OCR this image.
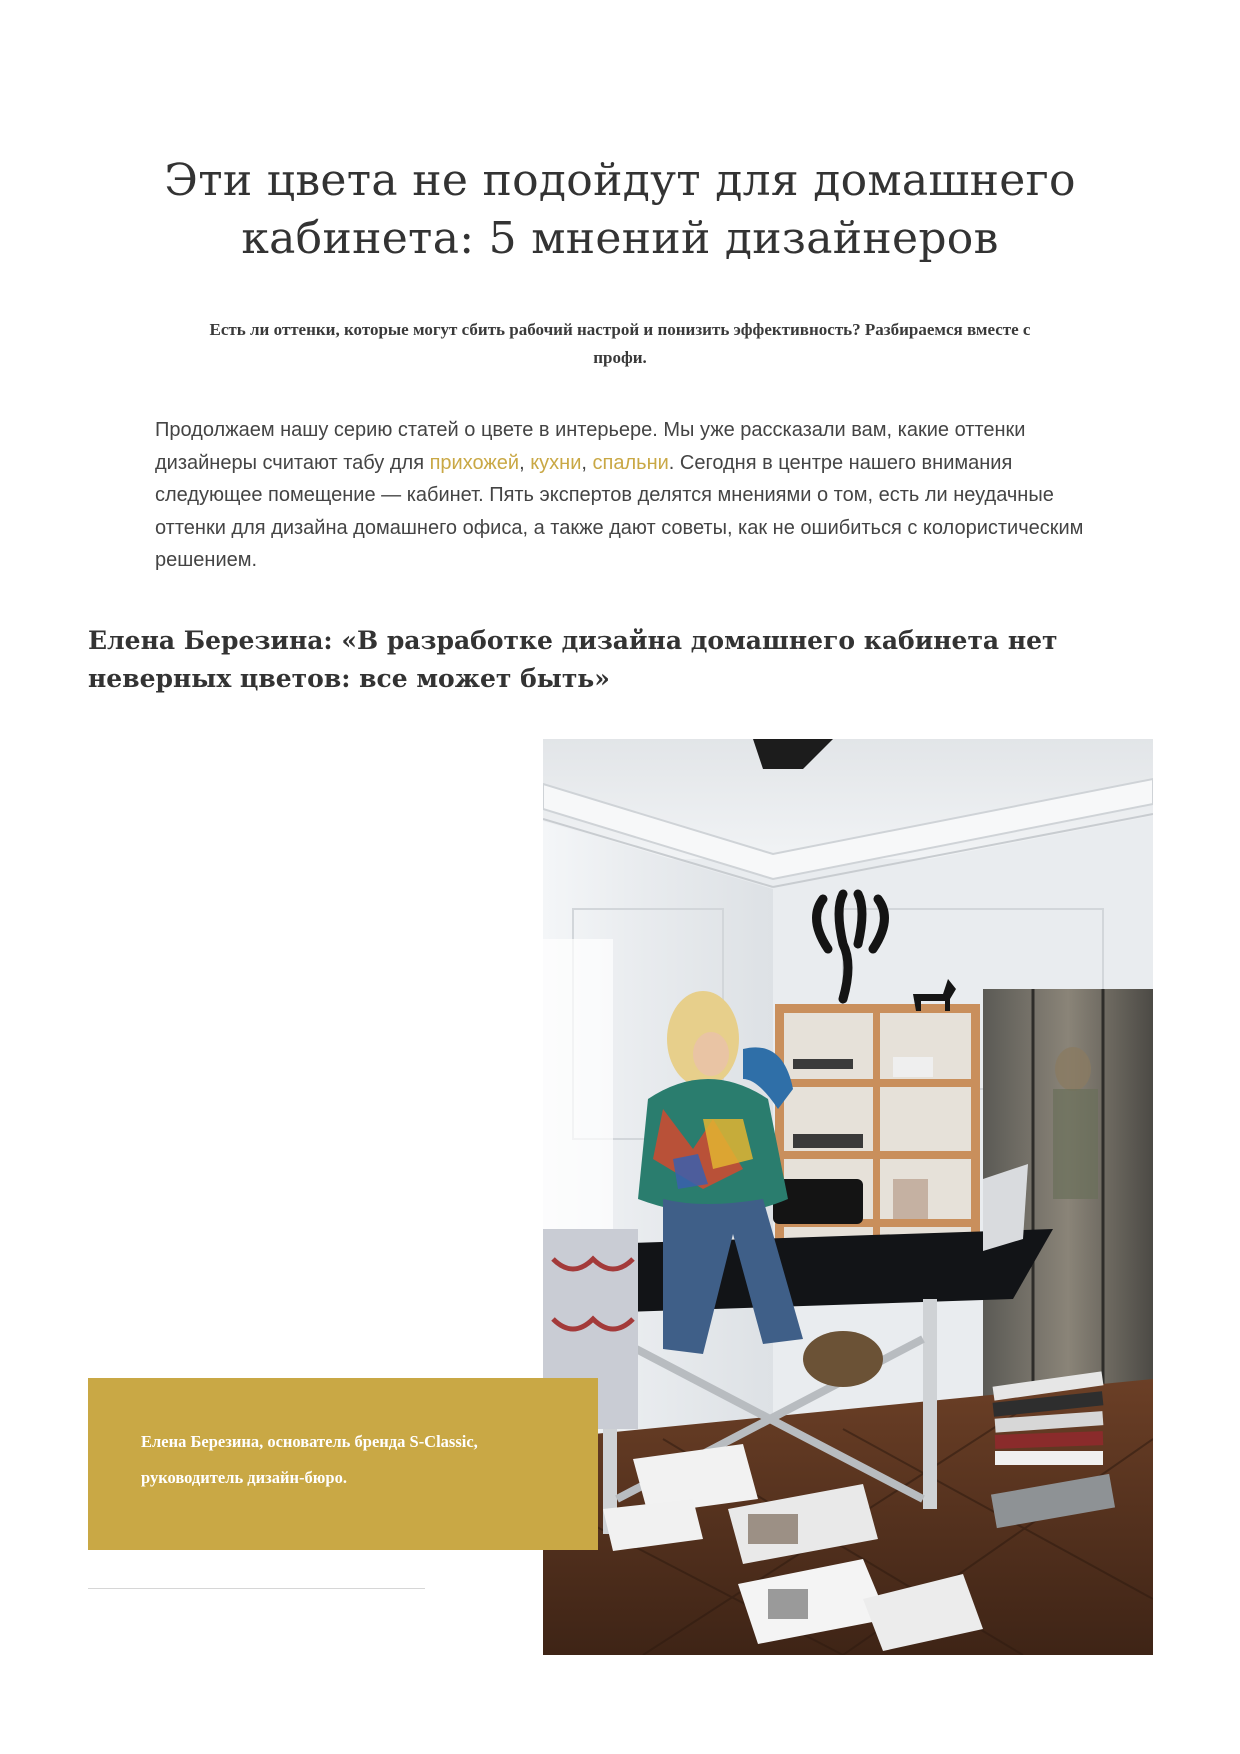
Эти цвета не подойдут для домашнего кабинета: 5 мнений дизайнеров

Есть ли оттенки, которые могут сбить рабочий настрой и понизить эффективность? Разбираемся вместе с профи.

Продолжаем нашу серию статей о цвете в интерьере. Мы уже рассказали вам, какие оттенки дизайнеры считают табу для прихожей, кухни, спальни. Сегодня в центре нашего внимания следующее помещение — кабинет. Пять экспертов делятся мнениями о том, есть ли неудачные оттенки для дизайна домашнего офиса, а также дают советы, как не ошибиться с колористическим решением.

Елена Березина: «В разработке дизайна домашнего кабинета нет неверных цветов: все может быть»

Елена Березина, основатель бренда S-Classic, руководитель дизайн-бюро.
